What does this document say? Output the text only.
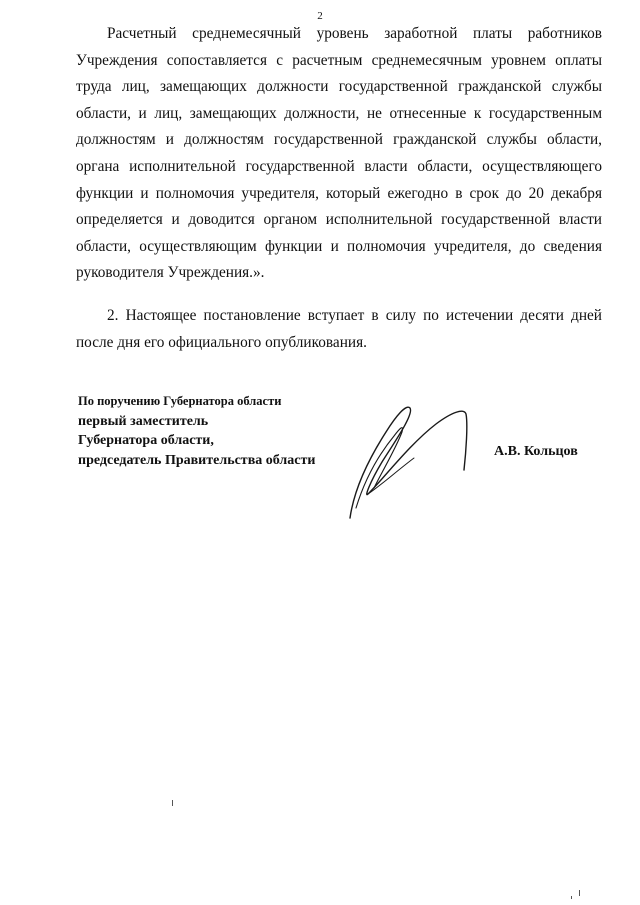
2

Расчетный среднемесячный уровень заработной платы работников Учреждения сопоставляется с расчетным среднемесячным уровнем оплаты труда лиц, замещающих должности государственной гражданской службы области, и лиц, замещающих должности, не отнесенные к государственным должностям и должностям государственной гражданской службы области, органа исполнительной государственной власти области, осуществляющего функции и полномочия учредителя, который ежегодно в срок до 20 декабря определяется и доводится органом исполнительной государственной власти области, осуществляющим функции и полномочия учредителя, до сведения руководителя Учреждения.».

2. Настоящее постановление вступает в силу по истечении десяти дней после дня его официального опубликования.

По поручению Губернатора области
первый заместитель
Губернатора области,
председатель Правительства области
А.В. Кольцов
